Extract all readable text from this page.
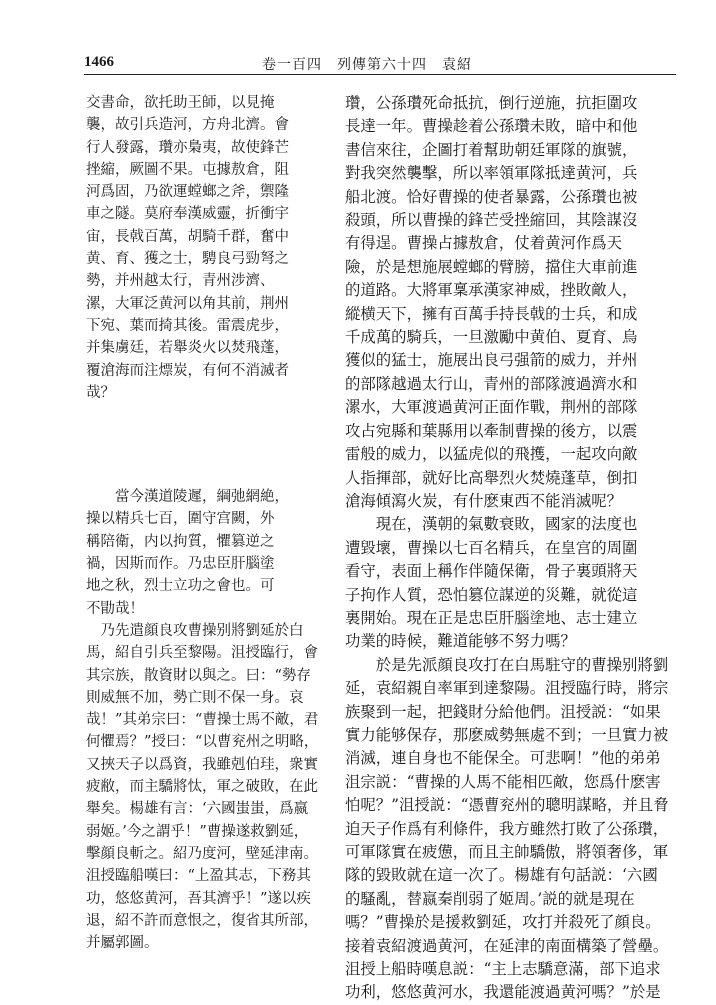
1466	卷一百四　列傳第六十四　袁紹

交書命，欲托助王師，以見掩
襲，故引兵造河，方舟北濟。會
行人發露，瓚亦梟夷，故使鋒芒
挫縮，厥圖不果。屯據敖倉，阻
河爲固，乃欲運螳螂之斧，禦隆
車之隧。莫府奉漢威靈，折衝宇
宙，長戟百萬，胡騎千群，奮中
黄、育、獲之士，騁良弓勁弩之
勢，并州越太行，青州涉濟、
漯，大軍泛黄河以角其前，荆州
下宛、葉而掎其後。雷震虎步，
并集虜廷，若舉炎火以焚飛蓬，
覆滄海而注熛炭，有何不消滅者
哉？

　　當今漢道陵遲，綱弛網絶，
操以精兵七百，圍守宫闕，外
稱陪衛，内以拘質，懼篡逆之
禍，因斯而作。乃忠臣肝腦塗
地之秋，烈士立功之會也。可
不勖哉！

　乃先遣顔良攻曹操别將劉延於白
馬，紹自引兵至黎陽。沮授臨行，會
其宗族，散資財以與之。曰：“勢存
則威無不加，勢亡則不保一身。哀
哉！”其弟宗曰：“曹操士馬不敵，君
何懼焉？”授曰：“以曹兖州之明略，
又挾天子以爲資，我雖剋伯珪，衆實
疲敝，而主驕將忲，軍之破敗，在此
舉矣。楊雄有言：‘六國蚩蚩，爲嬴
弱姬。’今之謂乎！”曹操遂救劉延，
擊顔良斬之。紹乃度河，壁延津南。
沮授臨船嘆曰：“上盈其志，下務其
功，悠悠黄河，吾其濟乎！”遂以疾
退，紹不許而意恨之，復省其所部，
并屬郭圖。

瓚，公孫瓚死命抵抗，倒行逆施，抗拒圍攻
長達一年。曹操趁着公孫瓚未敗，暗中和他
書信來往，企圖打着幫助朝廷軍隊的旗號，
對我突然襲擊，所以率領軍隊抵達黄河，兵
船北渡。恰好曹操的使者暴露，公孫瓚也被
殺頭，所以曹操的鋒芒受挫縮回，其陰謀沒
有得逞。曹操占據敖倉，仗着黄河作爲天
險，於是想施展螳螂的臂膀，擋住大車前進
的道路。大將軍稟承漢家神威，挫敗敵人，
縱横天下，擁有百萬手持長戟的士兵，和成
千成萬的騎兵，一旦激勵中黄伯、夏育、烏
獲似的猛士，施展出良弓强箭的威力，并州
的部隊越過太行山，青州的部隊渡過濟水和
漯水，大軍渡過黄河正面作戰，荆州的部隊
攻占宛縣和葉縣用以牽制曹操的後方，以震
雷般的威力，以猛虎似的飛擭，一起攻向敵
人指揮部，就好比高舉烈火焚燒蓬草，倒扣
滄海傾瀉火炭，有什麽東西不能消滅呢？

　　現在，漢朝的氣數衰敗，國家的法度也
遭毀壞，曹操以七百名精兵，在皇宫的周圍
看守，表面上稱作伴隨保衛，骨子裏頭將天
子拘作人質，恐怕篡位謀逆的災難，就從這
裏開始。現在正是忠臣肝腦塗地、志士建立
功業的時候，難道能够不努力嗎？

　　於是先派顔良攻打在白馬駐守的曹操别將劉
延，袁紹親自率軍到達黎陽。沮授臨行時，將宗
族聚到一起，把錢財分給他們。沮授説：“如果
實力能够保存，那麽威勢無處不到；一旦實力被
消滅，連自身也不能保全。可悲啊！”他的弟弟
沮宗説：“曹操的人馬不能相匹敵，您爲什麽害
怕呢？”沮授説：“憑曹兖州的聰明謀略，并且脅
迫天子作爲有利條件，我方雖然打敗了公孫瓚，
可軍隊實在疲憊，而且主帥驕傲，將領奢侈，軍
隊的毀敗就在這一次了。楊雄有句話説：‘六國
的騷亂，替嬴秦削弱了姬周。’説的就是現在
嗎？”曹操於是援救劉延，攻打并殺死了顔良。
接着袁紹渡過黄河，在延津的南面構築了營壘。
沮授上船時嘆息説：“主上志驕意滿，部下追求
功利，悠悠黄河水，我還能渡過黄河嗎？”於是
